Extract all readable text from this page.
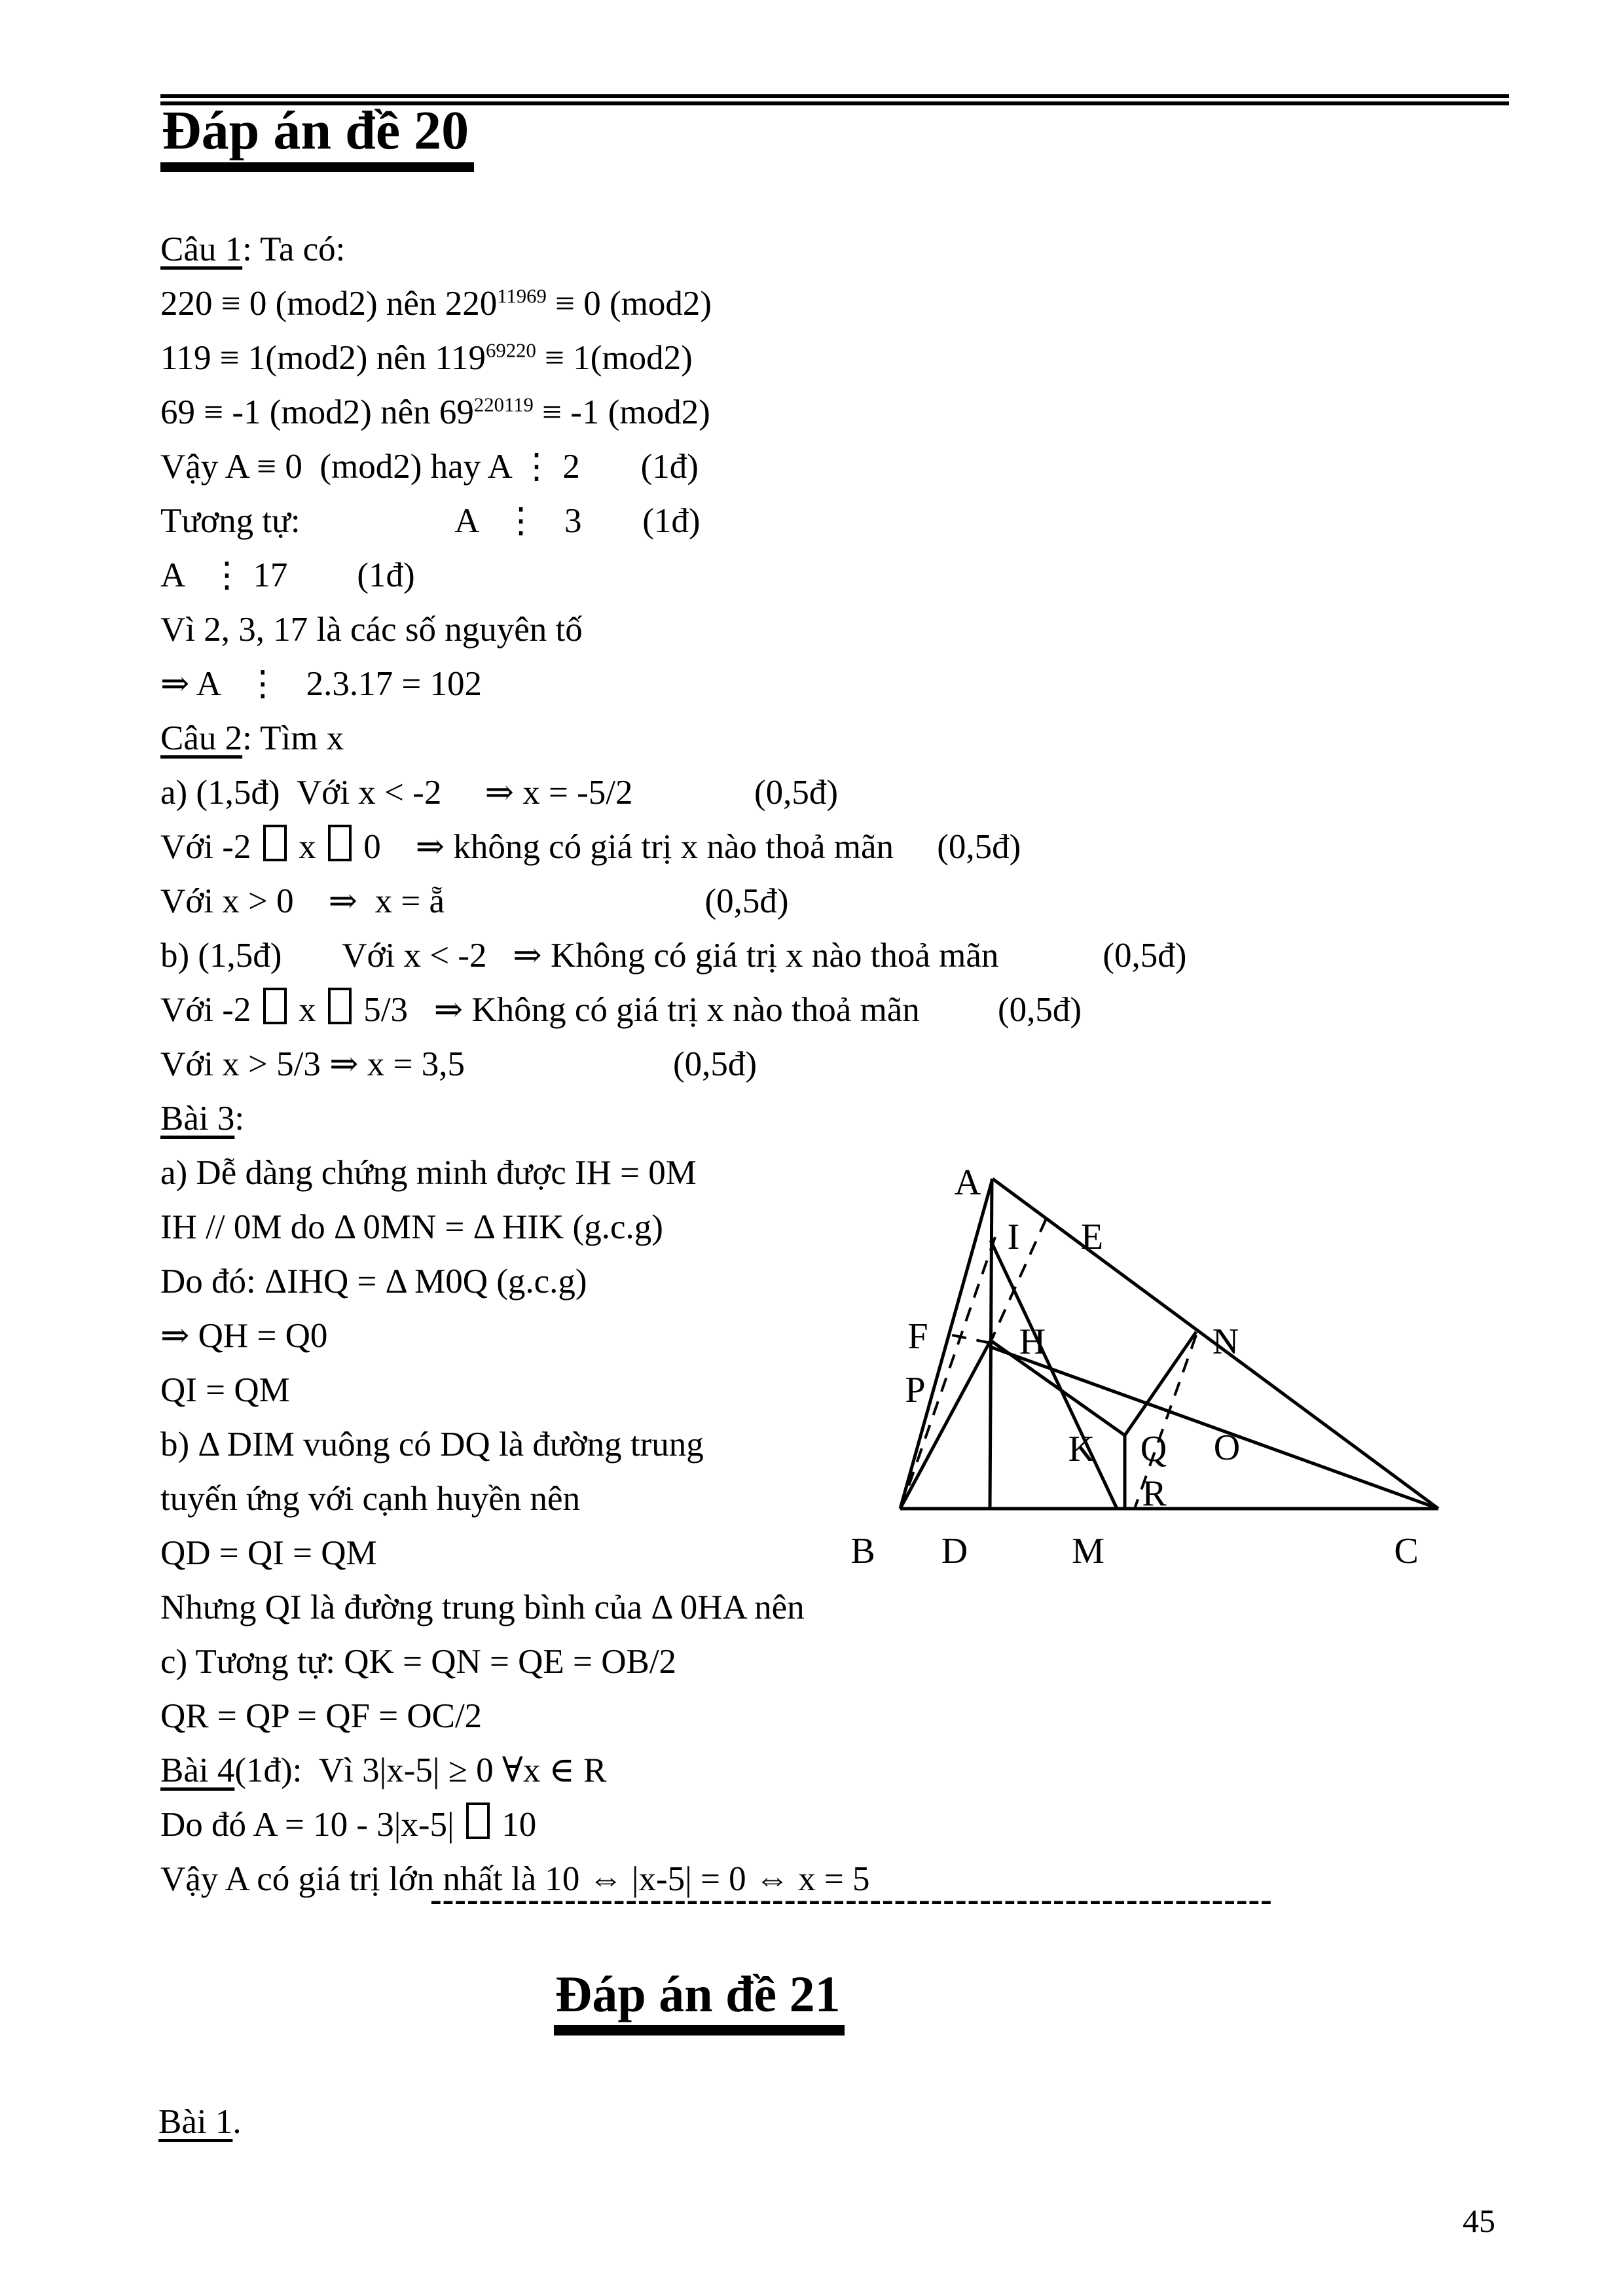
Đáp án đề 20
Câu 1: Ta có:
220 ≡ 0 (mod2) nên $220^{11969} \equiv 0$ (mod2)
119 ≡ 1(mod2) nên $119^{69220} \equiv 1(mod2)$
69 ≡ -1 (mod2) nên $69^{220119} \equiv -1$ (mod2)
Vậy A ≡ 0  (mod2) hay A ⋮ 2       (1đ)
Tương tự:                  A   ⋮   3       (1đ)
A   ⋮ 17        (1đ)
Vì 2, 3, 17 là các số nguyên tố
⇒ A   ⋮   2.3.17 = 102
Câu 2: Tìm x
a) (1,5đ)  Với x < -2     ⇒ x = -5/2              (0,5đ)
Với -2  x  0    ⇒ không có giá trị x nào thoả mãn     (0,5đ)
Với x > 0    ⇒  x = ẵ                              (0,5đ)
b) (1,5đ)       Với x < -2   ⇒ Không có giá trị x nào thoả mãn            (0,5đ)
Với -2  x  5/3   ⇒ Không có giá trị x nào thoả mãn         (0,5đ)
Với x > 5/3 ⇒ x = 3,5                        (0,5đ)
Bài 3:
a) Dễ dàng chứng minh được IH = 0M
IH // 0M do Δ 0MN = Δ HIK (g.c.g)
Do đó: ΔIHQ = Δ M0Q (g.c.g)
⇒ QH = Q0
QI = QM
b) Δ DIM vuông có DQ là đường trung
tuyến ứng với cạnh huyền nên
QD = QI = QM
Nhưng QI là đường trung bình của Δ 0HA nên
c) Tương tự: QK = QN = QE = OB/2
QR = QP = QF = OC/2
Bài 4(1đ):  Vì 3|x-5| ≥ 0 ∀x ∈ R
Do đó A = 10 - 3|x-5|  10
Vậy A có giá trị lớn nhất là 10 ⇔ |x-5| = 0 ⇔ x = 5
A
I E
F H	N
P
K Q O
R
B D	M	C
---------------------------------------------------------------------
Đáp án đề 21
Bài 1.
45
